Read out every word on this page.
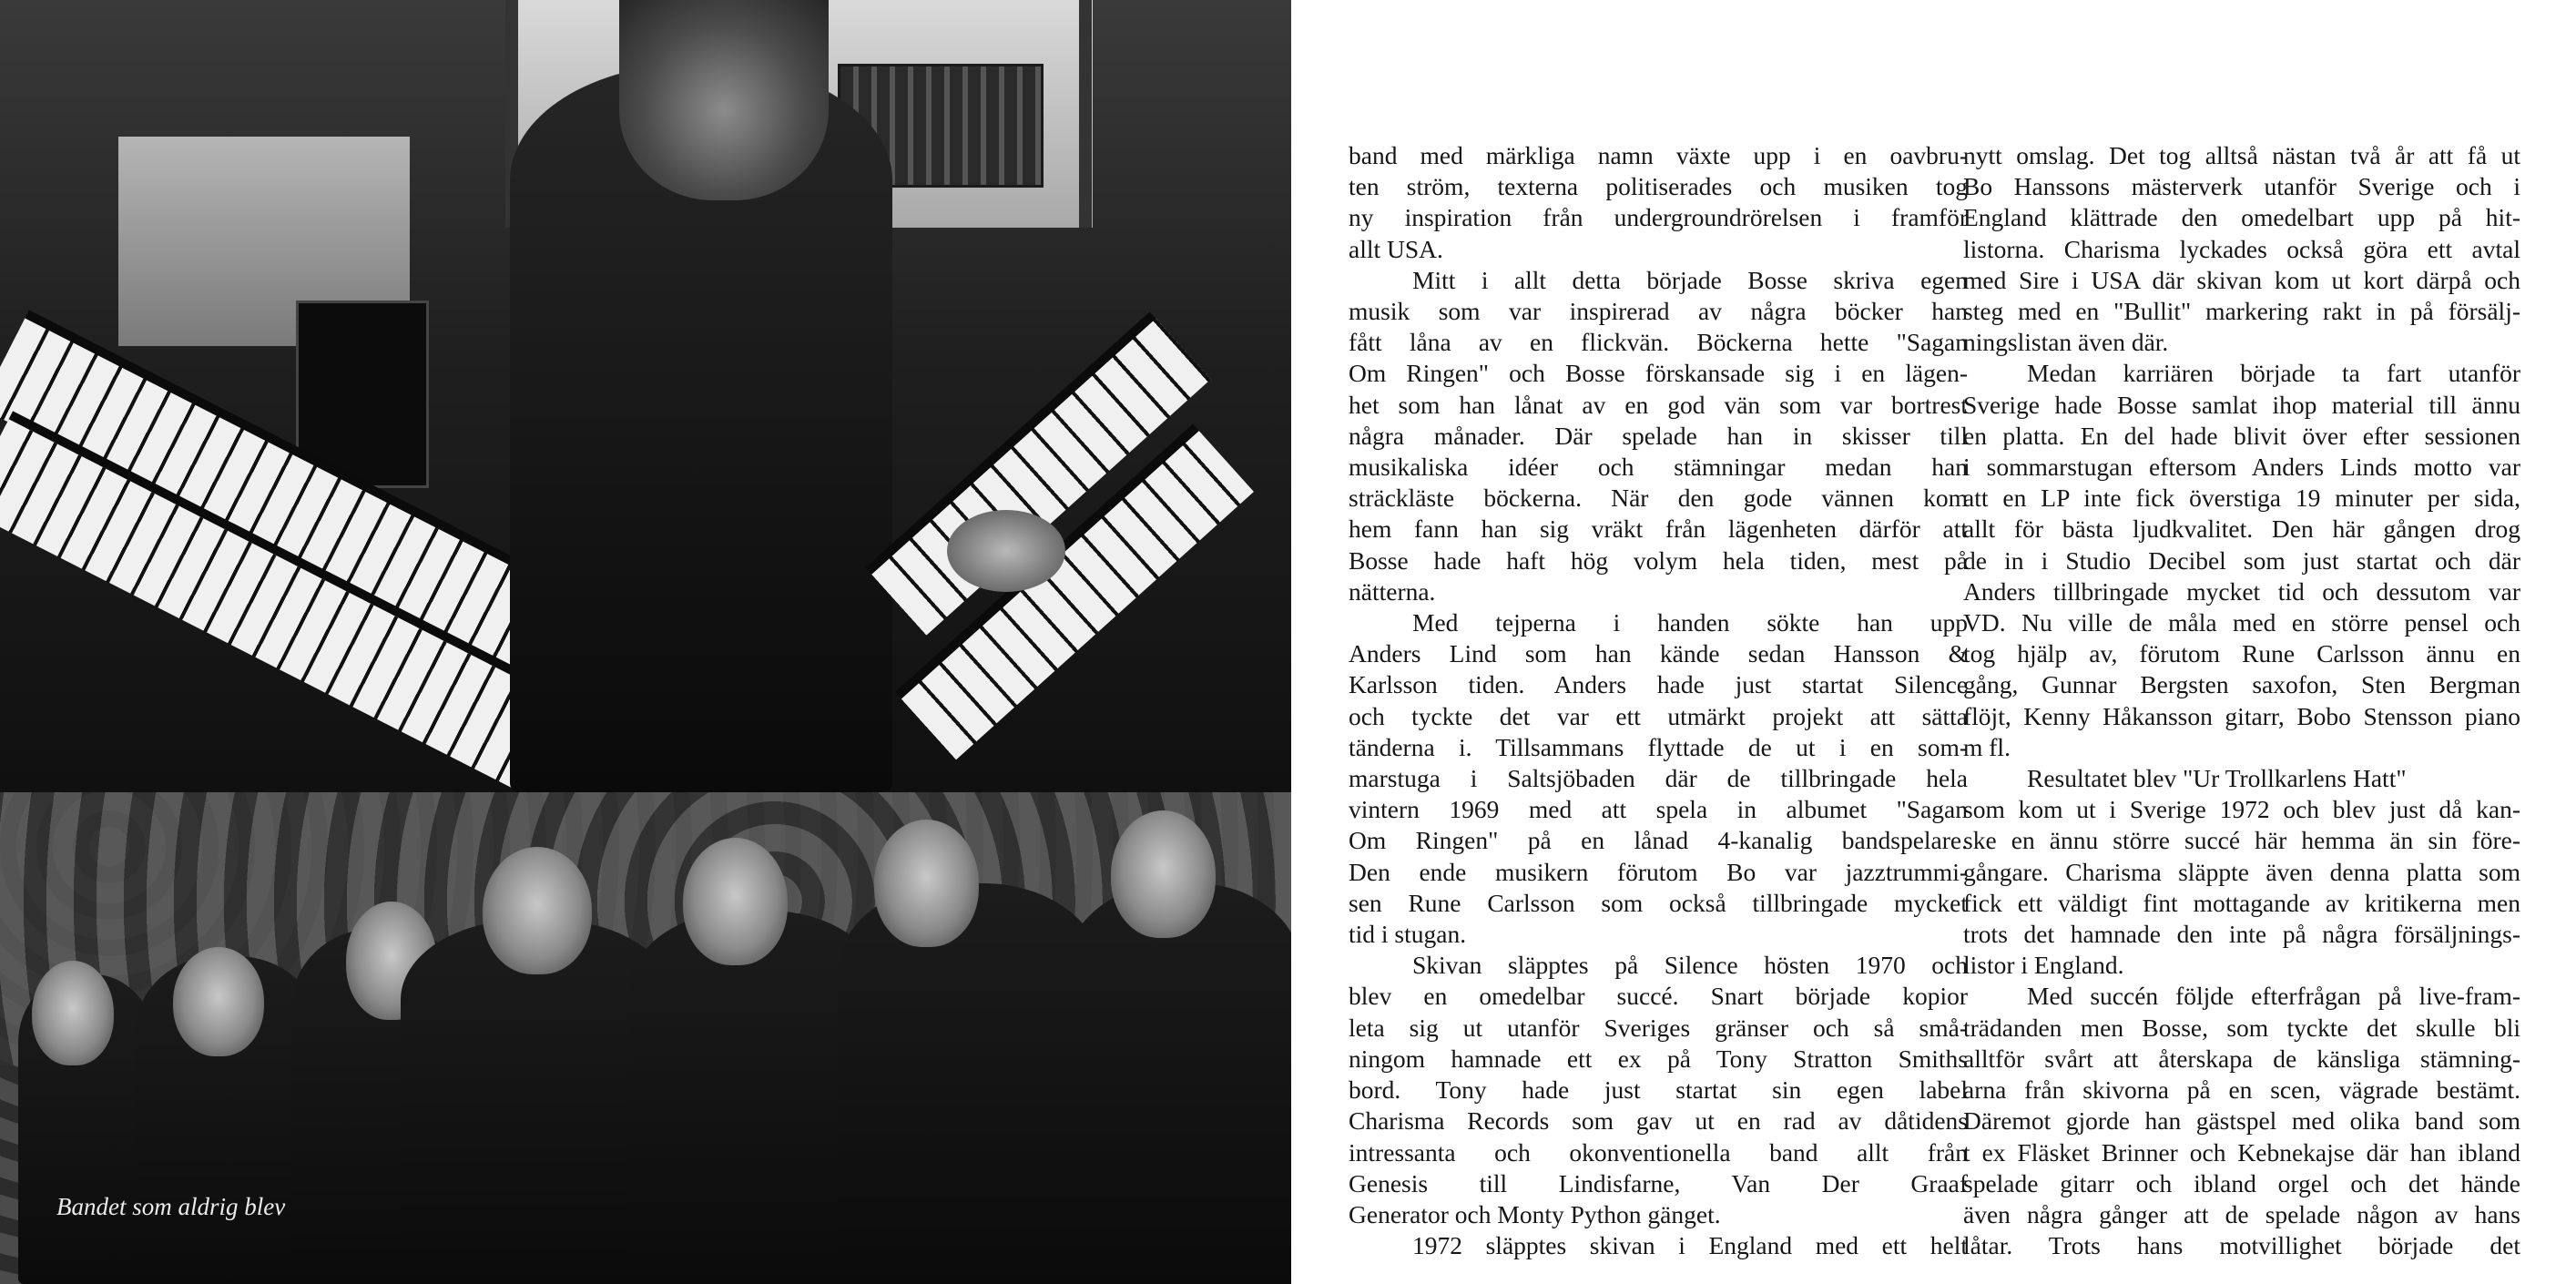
Bandet som aldrig blev
band med märkliga namn växte upp i en oavbru-
ten ström, texterna politiserades och musiken tog
ny inspiration från undergroundrörelsen i framför
allt USA.
Mitt i allt detta började Bosse skriva egen
musik som var inspirerad av några böcker han
fått låna av en flickvän. Böckerna hette "Sagan
Om Ringen" och Bosse förskansade sig i en lägen-
het som han lånat av en god vän som var bortrest
några månader. Där spelade han in skisser till
musikaliska idéer och stämningar medan han
sträckläste böckerna. När den gode vännen kom
hem fann han sig vräkt från lägenheten därför att
Bosse hade haft hög volym hela tiden, mest på
nätterna.
Med tejperna i handen sökte han upp
Anders Lind som han kände sedan Hansson &
Karlsson tiden. Anders hade just startat Silence
och tyckte det var ett utmärkt projekt att sätta
tänderna i. Tillsammans flyttade de ut i en som-
marstuga i Saltsjöbaden där de tillbringade hela
vintern 1969 med att spela in albumet "Sagan
Om Ringen" på en lånad 4-kanalig bandspelare.
Den ende musikern förutom Bo var jazztrummi-
sen Rune Carlsson som också tillbringade mycket
tid i stugan.
Skivan släpptes på Silence hösten 1970 och
blev en omedelbar succé. Snart började kopior
leta sig ut utanför Sveriges gränser och så små-
ningom hamnade ett ex på Tony Stratton Smiths
bord. Tony hade just startat sin egen label
Charisma Records som gav ut en rad av dåtidens
intressanta och okonventionella band allt från
Genesis till Lindisfarne, Van Der Graaf
Generator och Monty Python gänget.
1972 släpptes skivan i England med ett helt
nytt omslag. Det tog alltså nästan två år att få ut
Bo Hanssons mästerverk utanför Sverige och i
England klättrade den omedelbart upp på hit-
listorna. Charisma lyckades också göra ett avtal
med Sire i USA där skivan kom ut kort därpå och
steg med en "Bullit" markering rakt in på försälj-
ningslistan även där.
Medan karriären började ta fart utanför
Sverige hade Bosse samlat ihop material till ännu
en platta. En del hade blivit över efter sessionen
i sommarstugan eftersom Anders Linds motto var
att en LP inte fick överstiga 19 minuter per sida,
allt för bästa ljudkvalitet. Den här gången drog
de in i Studio Decibel som just startat och där
Anders tillbringade mycket tid och dessutom var
VD. Nu ville de måla med en större pensel och
tog hjälp av, förutom Rune Carlsson ännu en
gång, Gunnar Bergsten saxofon, Sten Bergman
flöjt, Kenny Håkansson gitarr, Bobo Stensson piano
m fl.
Resultatet blev "Ur Trollkarlens Hatt"
som kom ut i Sverige 1972 och blev just då kan-
ske en ännu större succé här hemma än sin före-
gångare. Charisma släppte även denna platta som
fick ett väldigt fint mottagande av kritikerna men
trots det hamnade den inte på några försäljnings-
listor i England.
Med succén följde efterfrågan på live-fram-
trädanden men Bosse, som tyckte det skulle bli
alltför svårt att återskapa de känsliga stämning-
arna från skivorna på en scen, vägrade bestämt.
Däremot gjorde han gästspel med olika band som
t ex Fläsket Brinner och Kebnekajse där han ibland
spelade gitarr och ibland orgel och det hände
även några gånger att de spelade någon av hans
låtar. Trots hans motvillighet började det
